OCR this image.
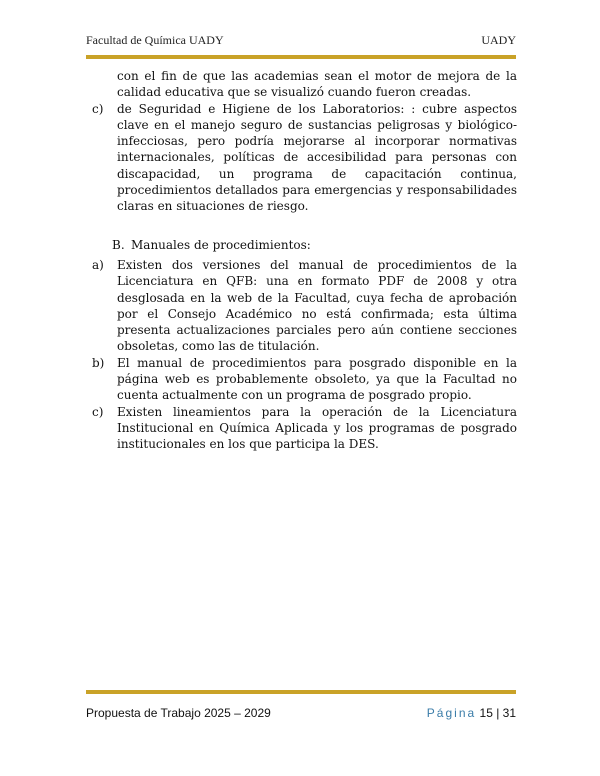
Facultad de Química UADY	UADY
con el fin de que las academias sean el motor de mejora de la calidad educativa que se visualizó cuando fueron creadas.
c)	de Seguridad e Higiene de los Laboratorios: : cubre aspectos clave en el manejo seguro de sustancias peligrosas y biológico-infecciosas, pero podría mejorarse al incorporar normativas internacionales, políticas de accesibilidad para personas con discapacidad, un programa de capacitación continua, procedimientos detallados para emergencias y responsabilidades claras en situaciones de riesgo.
B. Manuales de procedimientos:
a)	Existen dos versiones del manual de procedimientos de la Licenciatura en QFB: una en formato PDF de 2008 y otra desglosada en la web de la Facultad, cuya fecha de aprobación por el Consejo Académico no está confirmada; esta última presenta actualizaciones parciales pero aún contiene secciones obsoletas, como las de titulación.
b)	El manual de procedimientos para posgrado disponible en la página web es probablemente obsoleto, ya que la Facultad no cuenta actualmente con un programa de posgrado propio.
c)	Existen lineamientos para la operación de la Licenciatura Institucional en Química Aplicada y los programas de posgrado institucionales en los que participa la DES.
Propuesta de Trabajo 2025 – 2029	Página 15 | 31
